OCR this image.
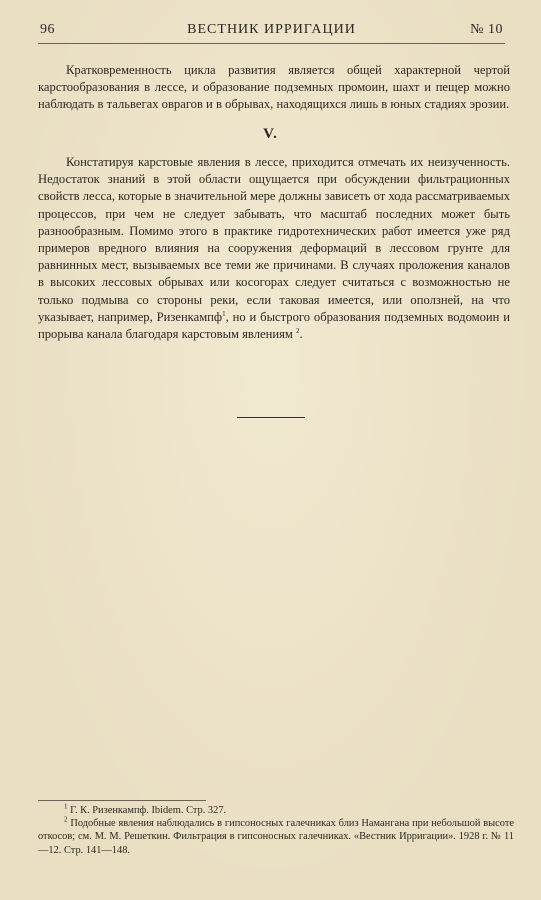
96	ВЕСТНИК ИРРИГАЦИИ	№ 10

Кратковременность цикла развития является общей характерной чертой карстообразования в лессе, и образование подземных промоин, шахт и пещер можно наблюдать в тальвегах оврагов и в обрывах, находящихся лишь в юных стадиях эрозии.

V.

Констатируя карстовые явления в лессе, приходится отмечать их неизученность. Недостаток знаний в этой области ощущается при обсуждении фильтрационных свойств лесса, которые в значительной мере должны зависеть от хода рассматриваемых процессов, при чем не следует забывать, что масштаб последних может быть разнообразным. Помимо этого в практике гидротехнических работ имеется уже ряд примеров вредного влияния на сооружения деформаций в лессовом грунте для равнинных мест, вызываемых все теми же причинами. В случаях проложения каналов в высоких лессовых обрывах или косогорах следует считаться с возможностью не только подмыва со стороны реки, если таковая имеется, или оползней, на что указывает, например, Ризенкампф$^1$, но и быстрого образования подземных водомоин и прорыва канала благодаря карстовым явлениям $^2$.

$^1$ Г. К. Ризенкампф. Ibidem. Стр. 327.

$^2$ Подобные явления наблюдались в гипсоносных галечниках близ Намангана при небольшой высоте откосов; см. М. М. Решеткин. Фильтрация в гипсоносных галечниках. «Вестник Ирригации». 1928 г. № 11—12. Стр. 141—148.
